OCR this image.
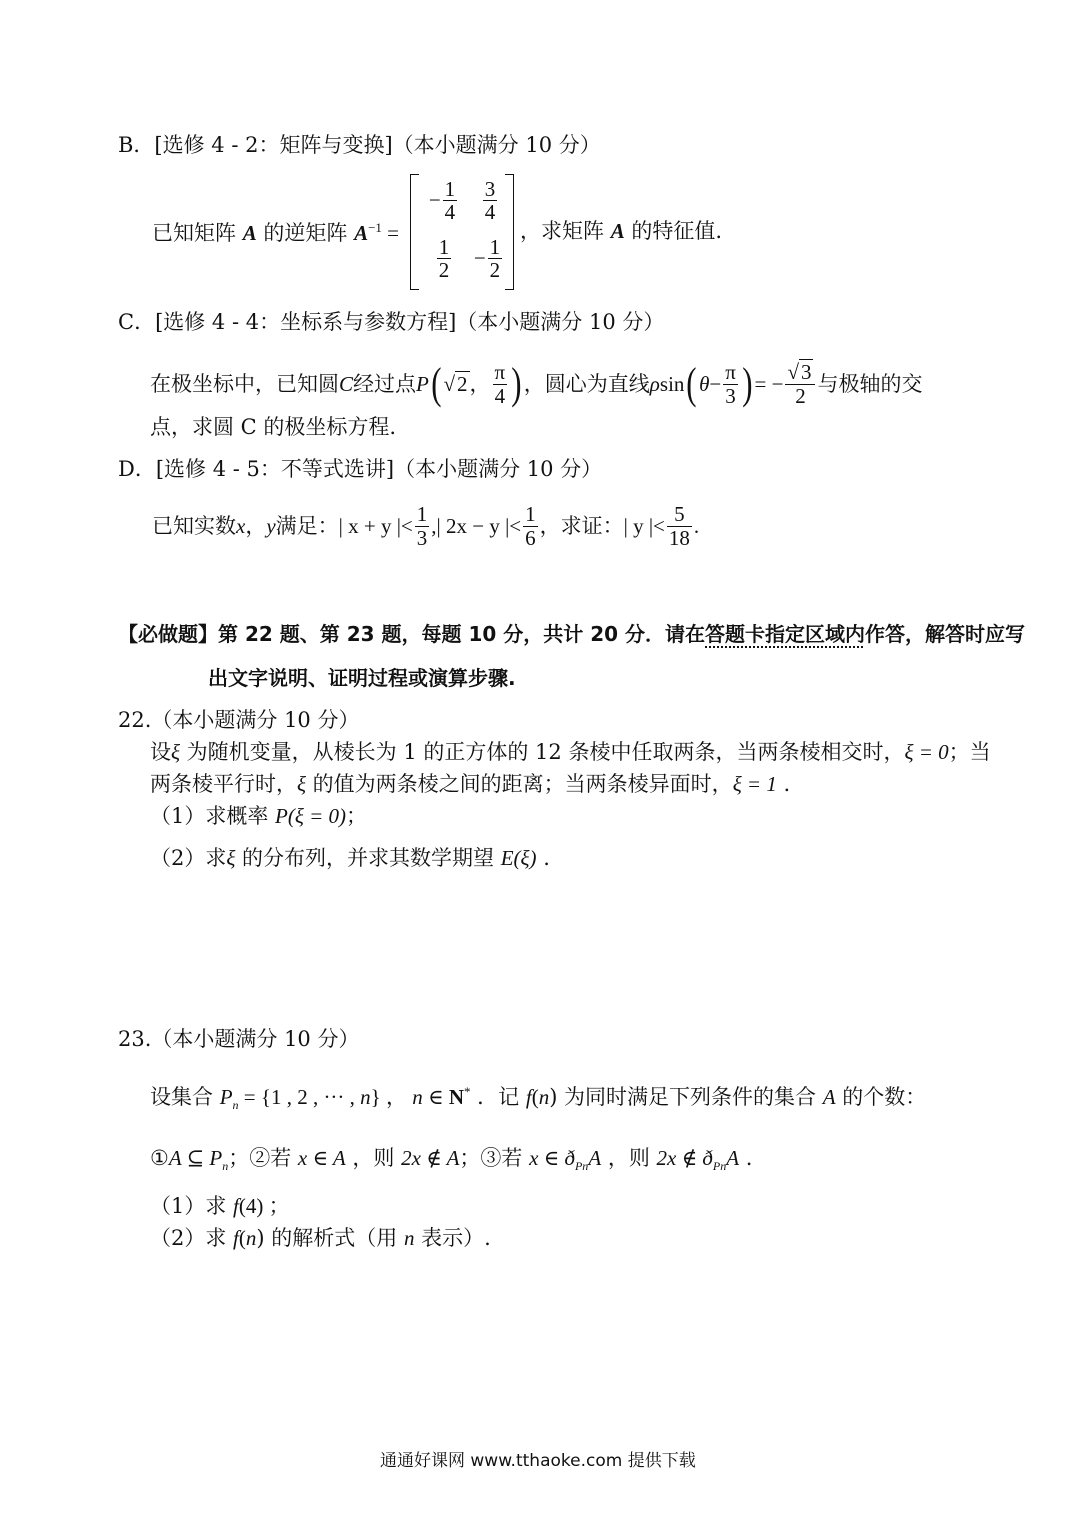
B．[选修 4 - 2：矩阵与变换]（本小题满分 10 分）
已知矩阵 A 的逆矩阵 $A^{-1}$ =
− $\frac{1}{4} \frac{3}{4}$
$\frac{1}{2}$	− $\frac{1}{2}$
，求矩阵 A 的特征值.
C．[选修 4 - 4：坐标系与参数方程]（本小题满分 10 分）
在极坐标中，已知圆 C 经过点 P ( √2 ， $\frac{\pi}{4}$ ) ，圆心为直线 ρ sin ( $\theta - \frac{\pi}{3}$ ) = − $\frac{√3}{2}$ 与极轴的交
点，求圆 C 的极坐标方程.
D．[选修 4 - 5：不等式选讲]（本小题满分 10 分）
已知实数 x ， y 满足： | x + y |< $\frac{1}{3}$ , | 2x − y |< $\frac{1}{6}$ ，求证： | y |< $\frac{5}{18}$ .
【必做题】第 22 题、第 23 题，每题 10 分，共计 20 分．请在答题卡指定区域内作答，解答时应写
出文字说明、证明过程或演算步骤.
22.（本小题满分 10 分）
设ξ 为随机变量，从棱长为 1 的正方体的 12 条棱中任取两条，当两条棱相交时，ξ = 0；当
两条棱平行时，ξ 的值为两条棱之间的距离；当两条棱异面时，ξ = 1 .
（1）求概率 P(ξ = 0)；
（2）求ξ 的分布列，并求其数学期望 E(ξ) .
23.（本小题满分 10 分）
设集合 $P_n = \{1$ , 2 , ··· , n} ， n ∈ N* ．记 f(n) 为同时满足下列条件的集合 A 的个数：
①A ⊆ $P_n$；②若 x ∈ A ，则 2x ∉ A；③若 x ∈ $ð_{Pn}A$ ，则 2x ∉ $ð_{Pn}A$ .
（1）求 f(4) ；
（2）求 f(n) 的解析式（用 n 表示）.
通通好课网 www.tthaoke.com 提供下载
